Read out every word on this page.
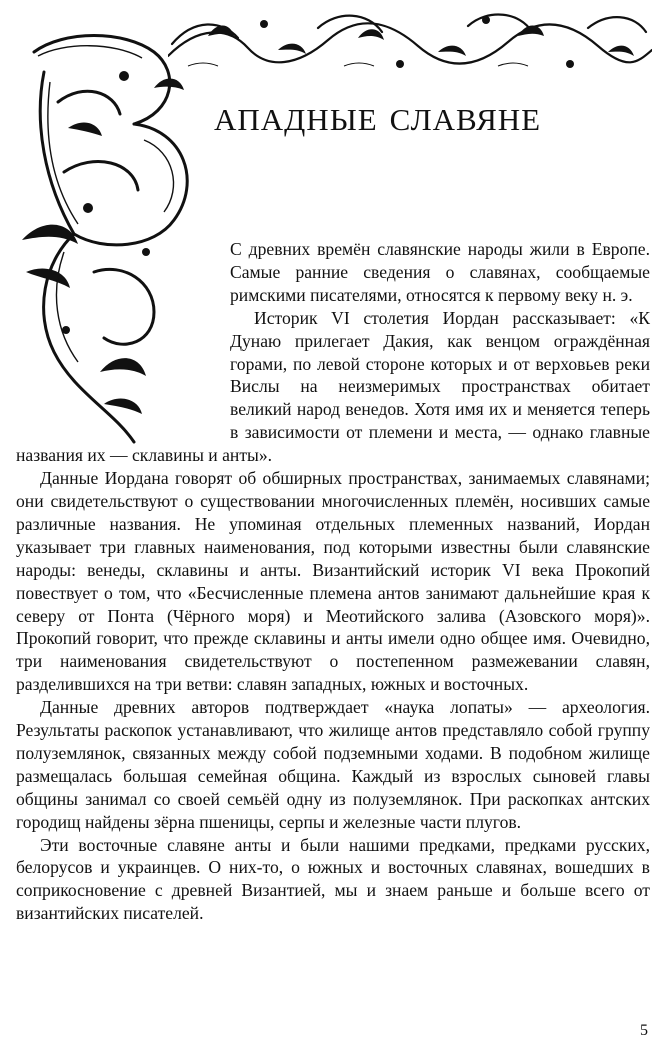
ападные славяне

С древних времён славянские народы жили в Европе. Самые ранние сведения о славянах, сообщаемые римскими писателями, относятся к первому веку н. э.

Историк VI столетия Иордан рассказывает: «К Дунаю прилегает Дакия, как венцом ограждённая горами, по левой стороне которых и от верховьев реки Вислы на неизмеримых пространствах обитает великий народ венедов. Хотя имя их и меняется теперь в зависимости от племени и места, — однако главные названия их — склавины и анты».

Данные Иордана говорят об обширных пространствах, занимаемых славянами; они свидетельствуют о существовании многочисленных племён, носивших самые различные названия. Не упоминая отдельных племенных названий, Иордан указывает три главных наименования, под которыми известны были славянские народы: венеды, склавины и анты. Византийский историк VI века Прокопий повествует о том, что «Бесчисленные племена антов занимают дальнейшие края к северу от Понта (Чёрного моря) и Меотийского залива (Азовского моря)». Прокопий говорит, что прежде склавины и анты имели одно общее имя. Очевидно, три наименования свидетельствуют о постепенном размежевании славян, разделившихся на три ветви: славян западных, южных и восточных.

Данные древних авторов подтверждает «наука лопаты» — археология. Результаты раскопок устанавливают, что жилище антов представляло собой группу полуземлянок, связанных между собой подземными ходами. В подобном жилище размещалась большая семейная община. Каждый из взрослых сыновей главы общины занимал со своей семьёй одну из полуземлянок. При раскопках антских городищ найдены зёрна пшеницы, серпы и железные части плугов.

Эти восточные славяне анты и были нашими предками, предками русских, белорусов и украинцев. О них-то, о южных и восточных славянах, вошедших в соприкосновение с древней Византией, мы и знаем раньше и больше всего от византийских писателей.

5
